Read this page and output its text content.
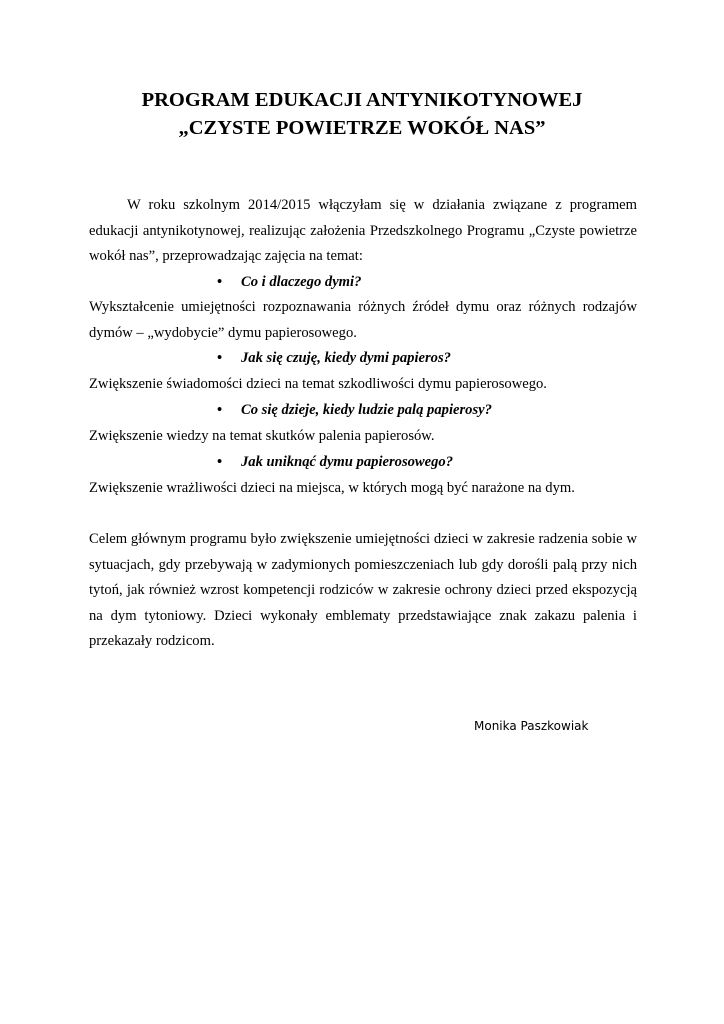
PROGRAM EDUKACJI ANTYNIKOTYNOWEJ
„CZYSTE POWIETRZE WOKÓŁ NAS”
W roku szkolnym 2014/2015 włączyłam się w działania związane z programem edukacji antynikotynowej, realizując założenia Przedszkolnego Programu „Czyste powietrze wokół nas”, przeprowadzając zajęcia na temat:
• Co i dlaczego dymi?
Wykształcenie umiejętności rozpoznawania różnych źródeł dymu oraz różnych rodzajów dymów – „wydobycie” dymu papierosowego.
• Jak się czuję, kiedy dymi papieros?
Zwiększenie świadomości dzieci na temat szkodliwości dymu papierosowego.
• Co się dzieje, kiedy ludzie palą papierosy?
Zwiększenie wiedzy na temat skutków palenia papierosów.
• Jak uniknąć dymu papierosowego?
Zwiększenie wrażliwości dzieci na miejsca, w których mogą być narażone na dym.
Celem głównym programu było zwiększenie umiejętności dzieci w zakresie radzenia sobie w sytuacjach, gdy przebywają w zadymionych pomieszczeniach lub gdy dorośli palą przy nich tytoń, jak również wzrost kompetencji rodziców w zakresie ochrony dzieci przed ekspozycją na dym tytoniowy. Dzieci wykonały emblematy przedstawiające znak zakazu palenia i przekazały rodzicom.
Monika Paszkowiak
